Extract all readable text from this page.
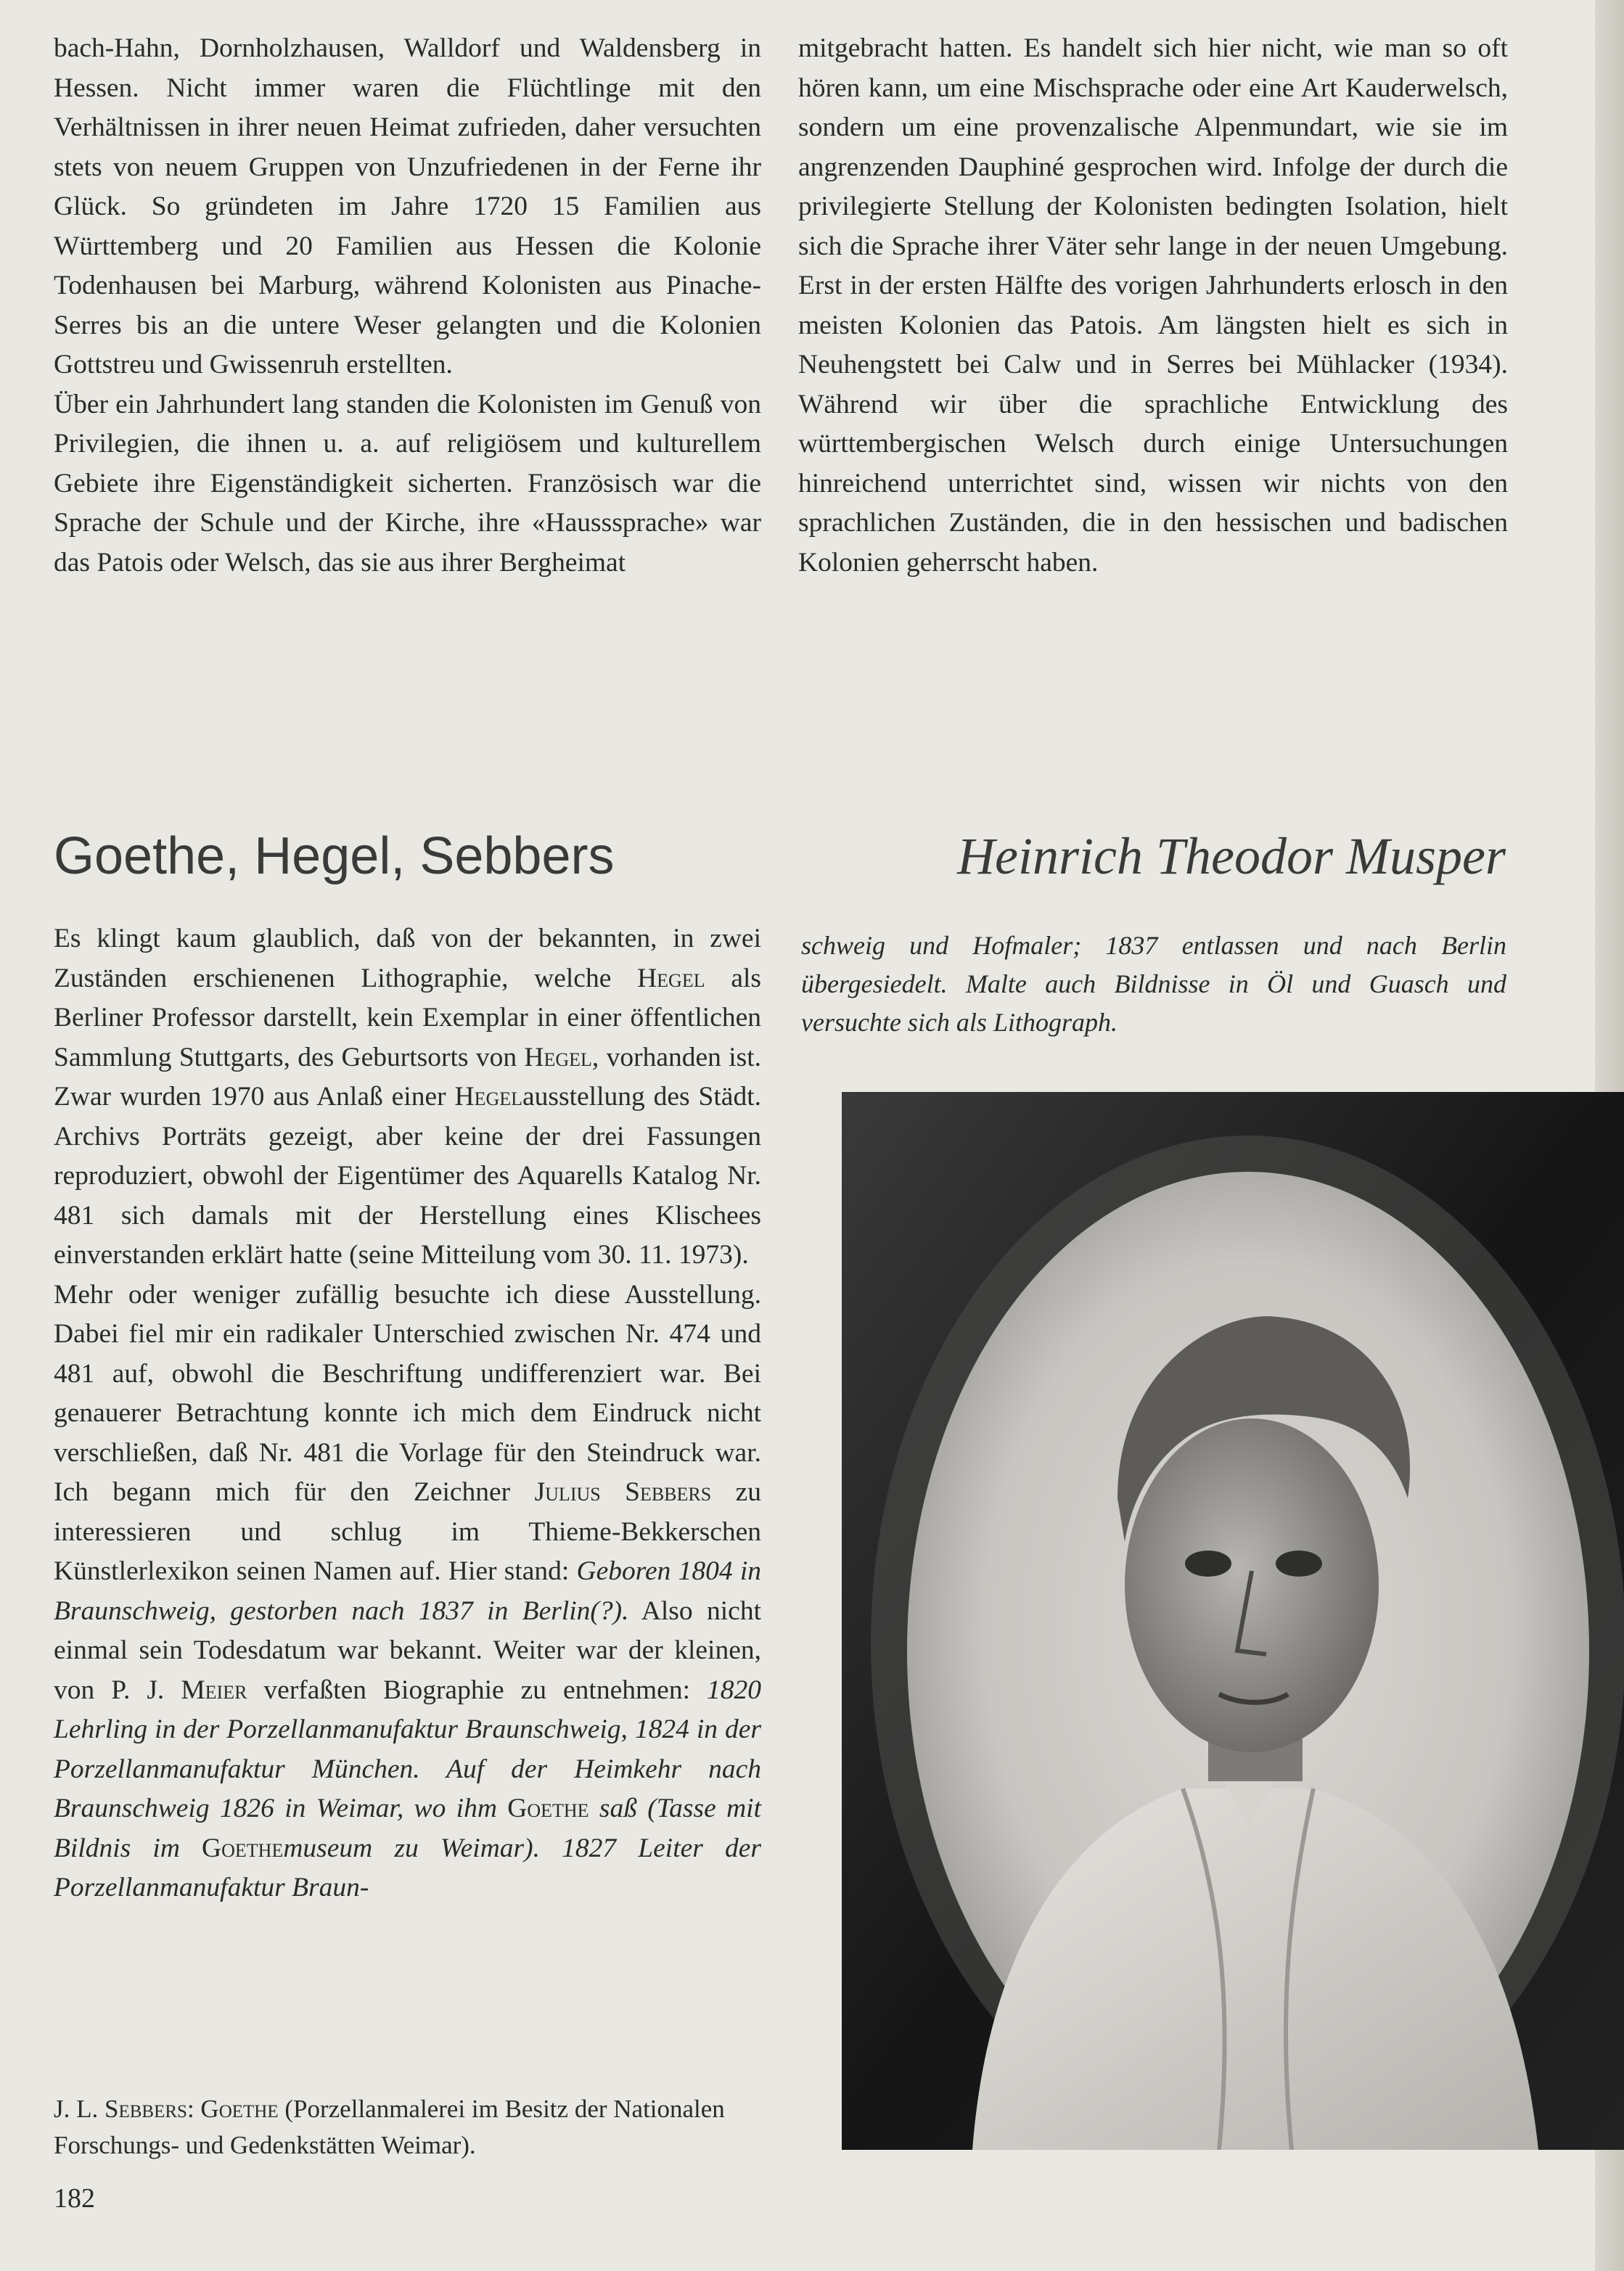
bach-Hahn, Dornholzhausen, Walldorf und Waldensberg in Hessen. Nicht immer waren die Flüchtlinge mit den Verhältnissen in ihrer neuen Heimat zufrieden, daher versuchten stets von neuem Gruppen von Unzufriedenen in der Ferne ihr Glück. So gründeten im Jahre 1720 15 Familien aus Württemberg und 20 Familien aus Hessen die Kolonie Todenhausen bei Marburg, während Kolonisten aus Pinache-Serres bis an die untere Weser gelangten und die Kolonien Gottstreu und Gwissenruh erstellten.

Über ein Jahrhundert lang standen die Kolonisten im Genuß von Privilegien, die ihnen u. a. auf religiösem und kulturellem Gebiete ihre Eigenständigkeit sicherten. Französisch war die Sprache der Schule und der Kirche, ihre «Hausssprache» war das Patois oder Welsch, das sie aus ihrer Bergheimat

mitgebracht hatten. Es handelt sich hier nicht, wie man so oft hören kann, um eine Mischsprache oder eine Art Kauderwelsch, sondern um eine provenzalische Alpenmundart, wie sie im angrenzenden Dauphiné gesprochen wird. Infolge der durch die privilegierte Stellung der Kolonisten bedingten Isolation, hielt sich die Sprache ihrer Väter sehr lange in der neuen Umgebung. Erst in der ersten Hälfte des vorigen Jahrhunderts erlosch in den meisten Kolonien das Patois. Am längsten hielt es sich in Neuhengstett bei Calw und in Serres bei Mühlacker (1934). Während wir über die sprachliche Entwicklung des württembergischen Welsch durch einige Untersuchungen hinreichend unterrichtet sind, wissen wir nichts von den sprachlichen Zuständen, die in den hessischen und badischen Kolonien geherrscht haben.

Goethe, Hegel, Sebbers	Heinrich Theodor Musper

Es klingt kaum glaublich, daß von der bekannten, in zwei Zuständen erschienenen Lithographie, welche Hegel als Berliner Professor darstellt, kein Exemplar in einer öffentlichen Sammlung Stuttgarts, des Geburtsorts von Hegel, vorhanden ist. Zwar wurden 1970 aus Anlaß einer Hegelausstellung des Städt. Archivs Porträts gezeigt, aber keine der drei Fassungen reproduziert, obwohl der Eigentümer des Aquarells Katalog Nr. 481 sich damals mit der Herstellung eines Klischees einverstanden erklärt hatte (seine Mitteilung vom 30. 11. 1973).

Mehr oder weniger zufällig besuchte ich diese Ausstellung. Dabei fiel mir ein radikaler Unterschied zwischen Nr. 474 und 481 auf, obwohl die Beschriftung undifferenziert war. Bei genauerer Betrachtung konnte ich mich dem Eindruck nicht verschließen, daß Nr. 481 die Vorlage für den Steindruck war. Ich begann mich für den Zeichner Julius Sebbers zu interessieren und schlug im Thieme-Bekkerschen Künstlerlexikon seinen Namen auf. Hier stand: Geboren 1804 in Braunschweig, gestorben nach 1837 in Berlin(?). Also nicht einmal sein Todesdatum war bekannt. Weiter war der kleinen, von P. J. Meier verfaßten Biographie zu entnehmen: 1820 Lehrling in der Porzellanmanufaktur Braunschweig, 1824 in der Porzellanmanufaktur München. Auf der Heimkehr nach Braunschweig 1826 in Weimar, wo ihm Goethe saß (Tasse mit Bildnis im Goethemuseum zu Weimar). 1827 Leiter der Porzellanmanufaktur Braun-

schweig und Hofmaler; 1837 entlassen und nach Berlin übergesiedelt. Malte auch Bildnisse in Öl und Guasch und versuchte sich als Lithograph.
J. L. Sebbers: Goethe (Porzellanmalerei im Besitz der Nationalen Forschungs- und Gedenkstätten Weimar).
182
